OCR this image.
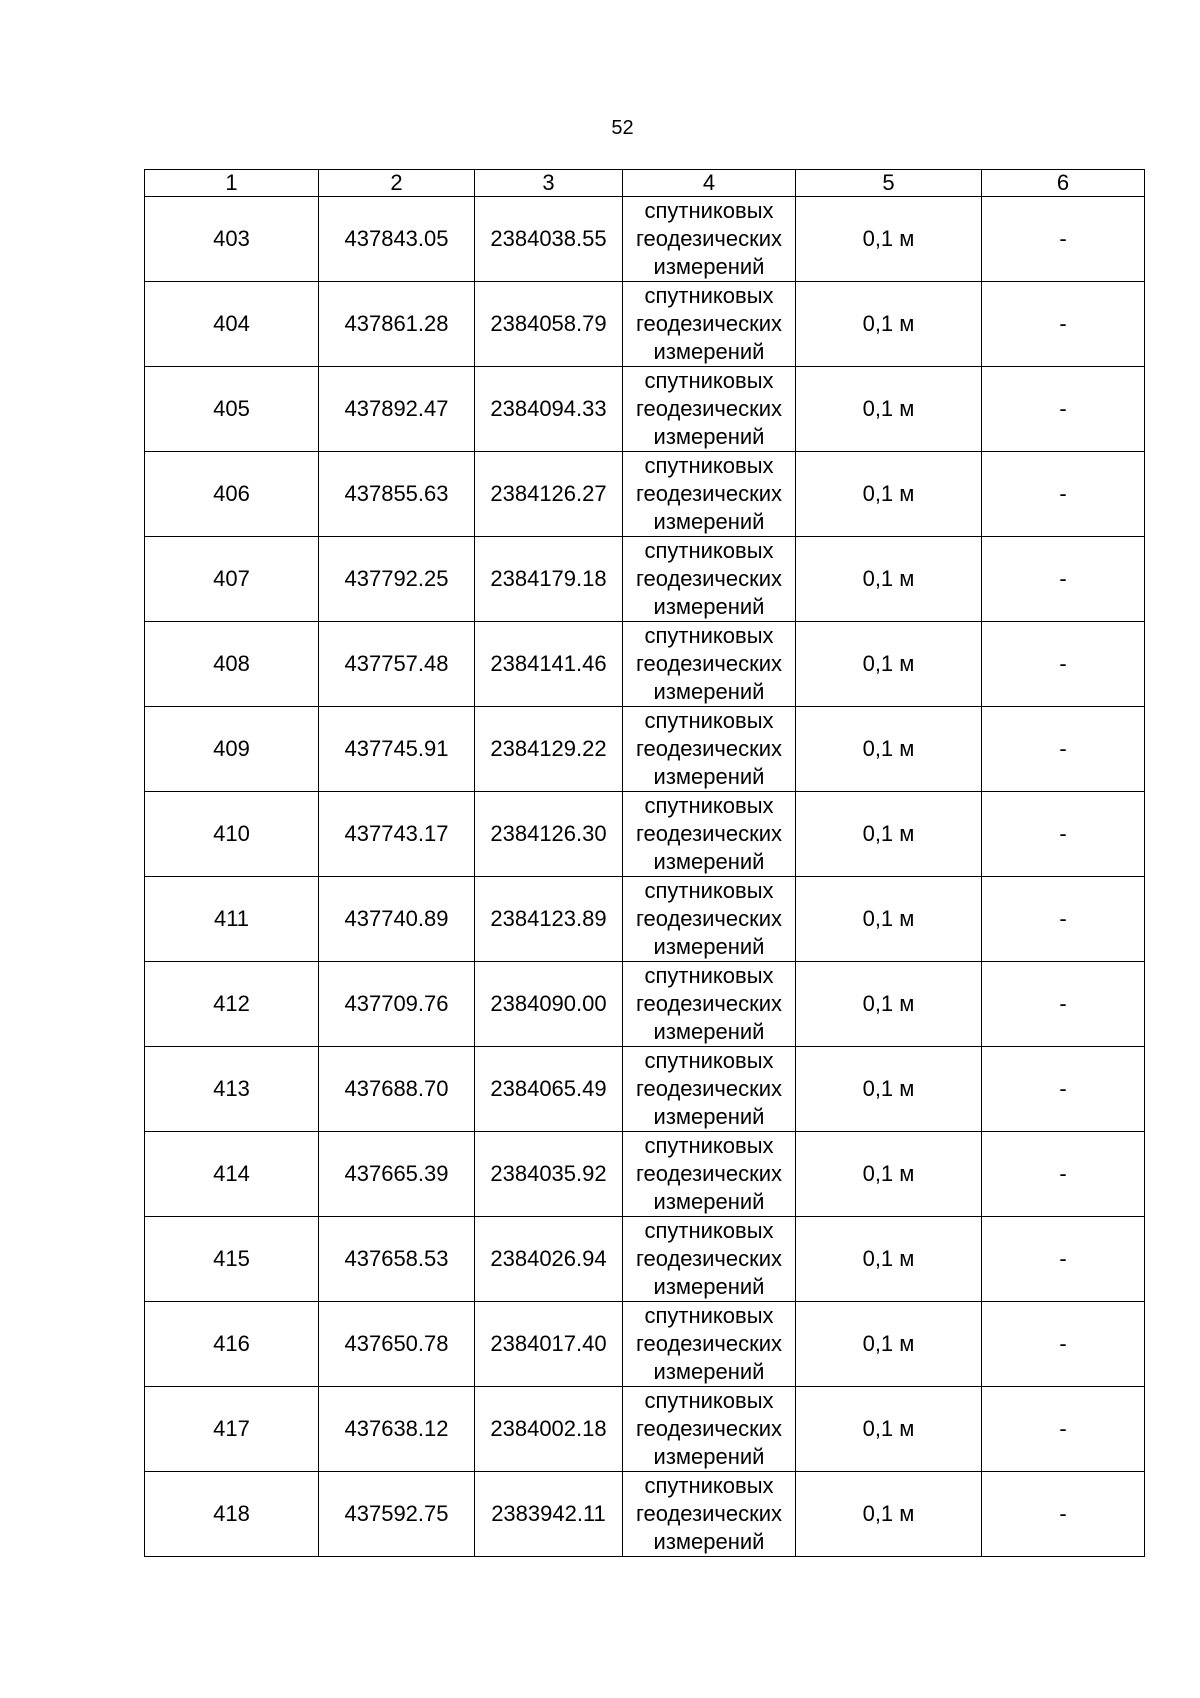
52
1	2	3	4	5	6
403	437843.05	2384038.55	спутниковых
геодезических
измерений	0,1 м	-
404	437861.28	2384058.79	спутниковых
геодезических
измерений	0,1 м	-
405	437892.47	2384094.33	спутниковых
геодезических
измерений	0,1 м	-
406	437855.63	2384126.27	спутниковых
геодезических
измерений	0,1 м	-
407	437792.25	2384179.18	спутниковых
геодезических
измерений	0,1 м	-
408	437757.48	2384141.46	спутниковых
геодезических
измерений	0,1 м	-
409	437745.91	2384129.22	спутниковых
геодезических
измерений	0,1 м	-
410	437743.17	2384126.30	спутниковых
геодезических
измерений	0,1 м	-
411	437740.89	2384123.89	спутниковых
геодезических
измерений	0,1 м	-
412	437709.76	2384090.00	спутниковых
геодезических
измерений	0,1 м	-
413	437688.70	2384065.49	спутниковых
геодезических
измерений	0,1 м	-
414	437665.39	2384035.92	спутниковых
геодезических
измерений	0,1 м	-
415	437658.53	2384026.94	спутниковых
геодезических
измерений	0,1 м	-
416	437650.78	2384017.40	спутниковых
геодезических
измерений	0,1 м	-
417	437638.12	2384002.18	спутниковых
геодезических
измерений	0,1 м	-
418	437592.75	2383942.11	спутниковых
геодезических
измерений	0,1 м	-
